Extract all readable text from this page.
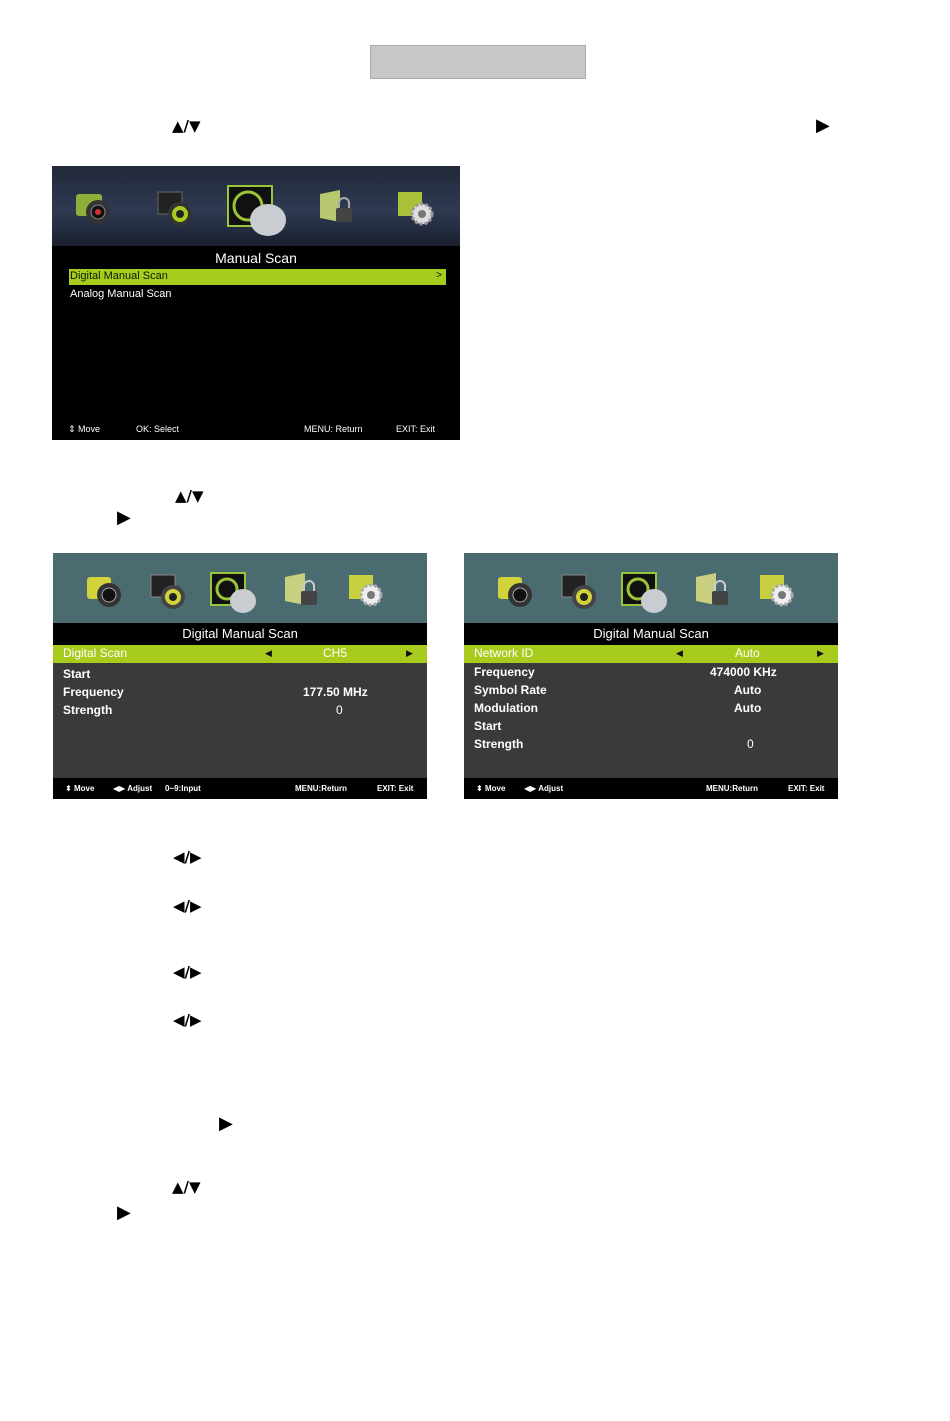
▲/▼	▶
Manual Scan
Digital Manual Scan	>
Analog Manual Scan
⇕ Move	OK: Select	MENU: Return	EXIT: Exit
▲/▼
▶
Digital Manual Scan
Digital Scan	◀	CH5	▶
Start
Frequency	177.50 MHz
Strength	0
⬍ Move ◀▶ Adjust 0~9:Input	MENU:Return	EXIT: Exit
Digital Manual Scan
Network ID	◀	Auto	▶
Frequency	474000 KHz
Symbol Rate	Auto
Modulation	Auto
Start
Strength	0
⬍ Move ◀▶ Adjust	MENU:Return	EXIT: Exit
◀/▶
◀/▶
◀/▶
◀/▶
▶
▲/▼
▶
